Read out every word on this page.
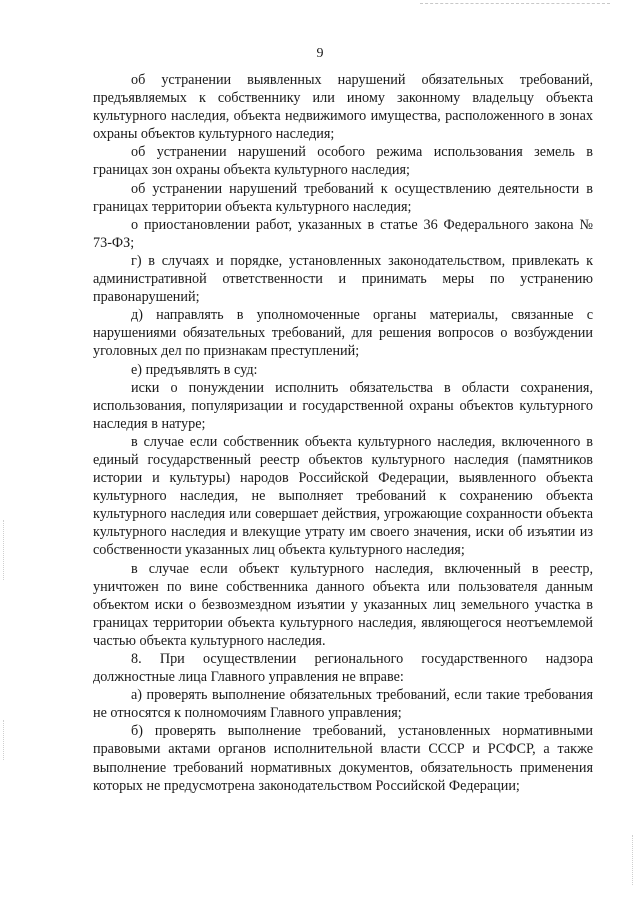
9

об устранении выявленных нарушений обязательных требований, предъявляемых к собственнику или иному законному владельцу объекта культурного наследия, объекта недвижимого имущества, расположенного в зонах охраны объектов культурного наследия;

об устранении нарушений особого режима использования земель в границах зон охраны объекта культурного наследия;

об устранении нарушений требований к осуществлению деятельности в границах территории объекта культурного наследия;

о приостановлении работ, указанных в статье 36 Федерального закона № 73-ФЗ;

г) в случаях и порядке, установленных законодательством, привлекать к административной ответственности и принимать меры по устранению правонарушений;

д) направлять в уполномоченные органы материалы, связанные с нарушениями обязательных требований, для решения вопросов о возбуждении уголовных дел по признакам преступлений;

е) предъявлять в суд:

иски о понуждении исполнить обязательства в области сохранения, использования, популяризации и государственной охраны объектов культурного наследия в натуре;

в случае если собственник объекта культурного наследия, включенного в единый государственный реестр объектов культурного наследия (памятников истории и культуры) народов Российской Федерации, выявленного объекта культурного наследия, не выполняет требований к сохранению объекта культурного наследия или совершает действия, угрожающие сохранности объекта культурного наследия и влекущие утрату им своего значения, иски об изъятии из собственности указанных лиц объекта культурного наследия;

в случае если объект культурного наследия, включенный в реестр, уничтожен по вине собственника данного объекта или пользователя данным объектом иски о безвозмездном изъятии у указанных лиц земельного участка в границах территории объекта культурного наследия, являющегося неотъемлемой частью объекта культурного наследия.

8. При осуществлении регионального государственного надзора должностные лица Главного управления не вправе:

а) проверять выполнение обязательных требований, если такие требования не относятся к полномочиям Главного управления;

б) проверять выполнение требований, установленных нормативными правовыми актами органов исполнительной власти СССР и РСФСР, а также выполнение требований нормативных документов, обязательность применения которых не предусмотрена законодательством Российской Федерации;
